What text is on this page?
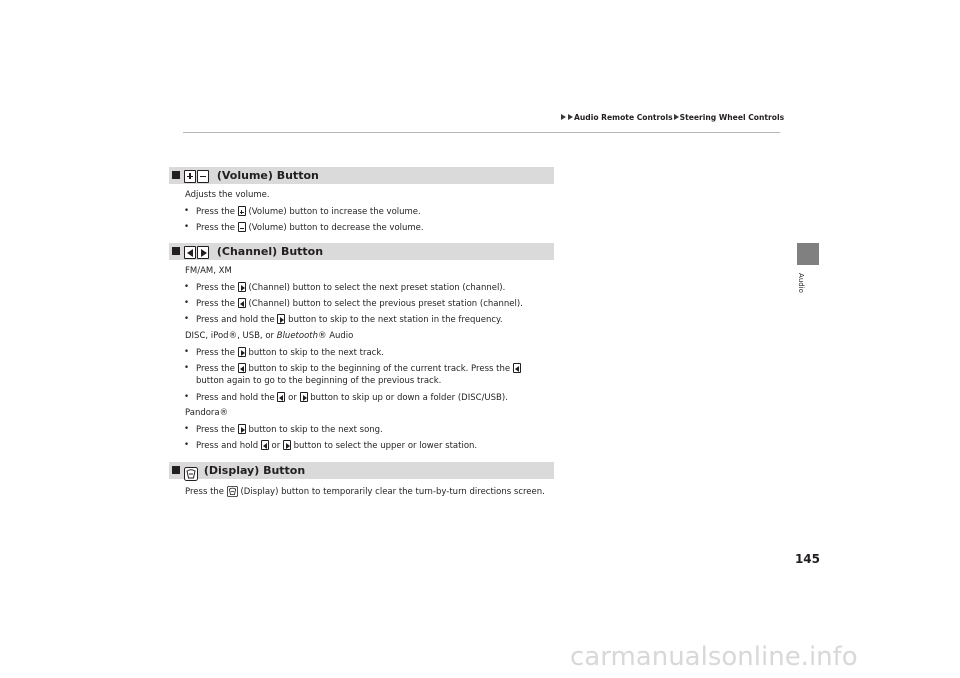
Audio Remote Controls Steering Wheel Controls
Audio
(Volume) Button
Adjusts the volume.
• Press the (Volume) button to increase the volume.
• Press the (Volume) button to decrease the volume.
(Channel) Button
FM/AM, XM
• Press the (Channel) button to select the next preset station (channel).
• Press the (Channel) button to select the previous preset station (channel).
• Press and hold the button to skip to the next station in the frequency.
DISC, iPod®, USB, or Bluetooth® Audio
• Press the button to skip to the next track.
• Press the button to skip to the beginning of the current track. Press the
button again to go to the beginning of the previous track.
• Press and hold the or button to skip up or down a folder (DISC/USB).
Pandora®
• Press the button to skip to the next song.
• Press and hold or button to select the upper or lower station.
(Display) Button
Press the (Display) button to temporarily clear the turn-by-turn directions screen.
145
carmanualsonline.info
